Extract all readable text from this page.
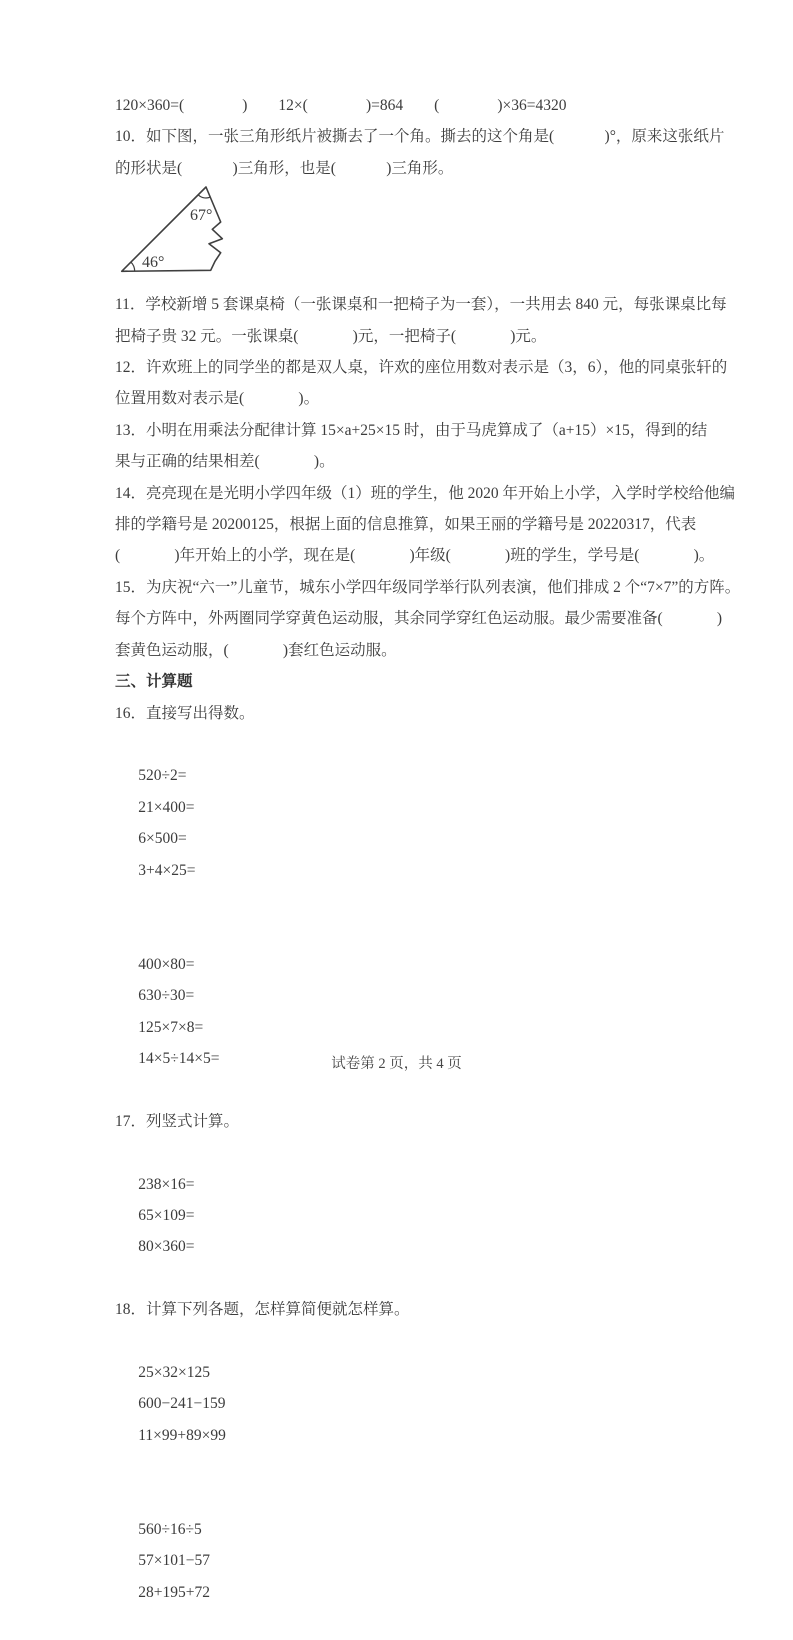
120×360=(               )        12×(               )=864        (               )×36=4320

10．如下图，一张三角形纸片被撕去了一个角。撕去的这个角是(             )°，原来这张纸片

的形状是(             )三角形，也是(             )三角形。

67°
46°

11．学校新增 5 套课桌椅（一张课桌和一把椅子为一套），一共用去 840 元，每张课桌比每

把椅子贵 32 元。一张课桌(              )元，一把椅子(              )元。

12．许欢班上的同学坐的都是双人桌，许欢的座位用数对表示是（3，6），他的同桌张轩的

位置用数对表示是(              )。

13．小明在用乘法分配律计算 15×a+25×15 时，由于马虎算成了（a+15）×15，得到的结

果与正确的结果相差(              )。

14．亮亮现在是光明小学四年级（1）班的学生，他 2020 年开始上小学，入学时学校给他编

排的学籍号是 20200125，根据上面的信息推算，如果王丽的学籍号是 20220317，代表

(              )年开始上的小学，现在是(              )年级(              )班的学生，学号是(              )。

15．为庆祝“六一”儿童节，城东小学四年级同学举行队列表演，他们排成 2 个“7×7”的方阵。

每个方阵中，外两圈同学穿黄色运动服，其余同学穿红色运动服。最少需要准备(              )

套黄色运动服，(              )套红色运动服。

三、计算题

16．直接写出得数。

520÷2=
21×400=
6×500=
3+4×25=

400×80=
630÷30=
125×7×8=
14×5÷14×5=

17．列竖式计算。

238×16=
65×109=
80×360=

18．计算下列各题，怎样算简便就怎样算。

25×32×125
600−241−159
11×99+89×99

560÷16÷5
57×101−57
28+195+72

试卷第 2 页，共 4 页
